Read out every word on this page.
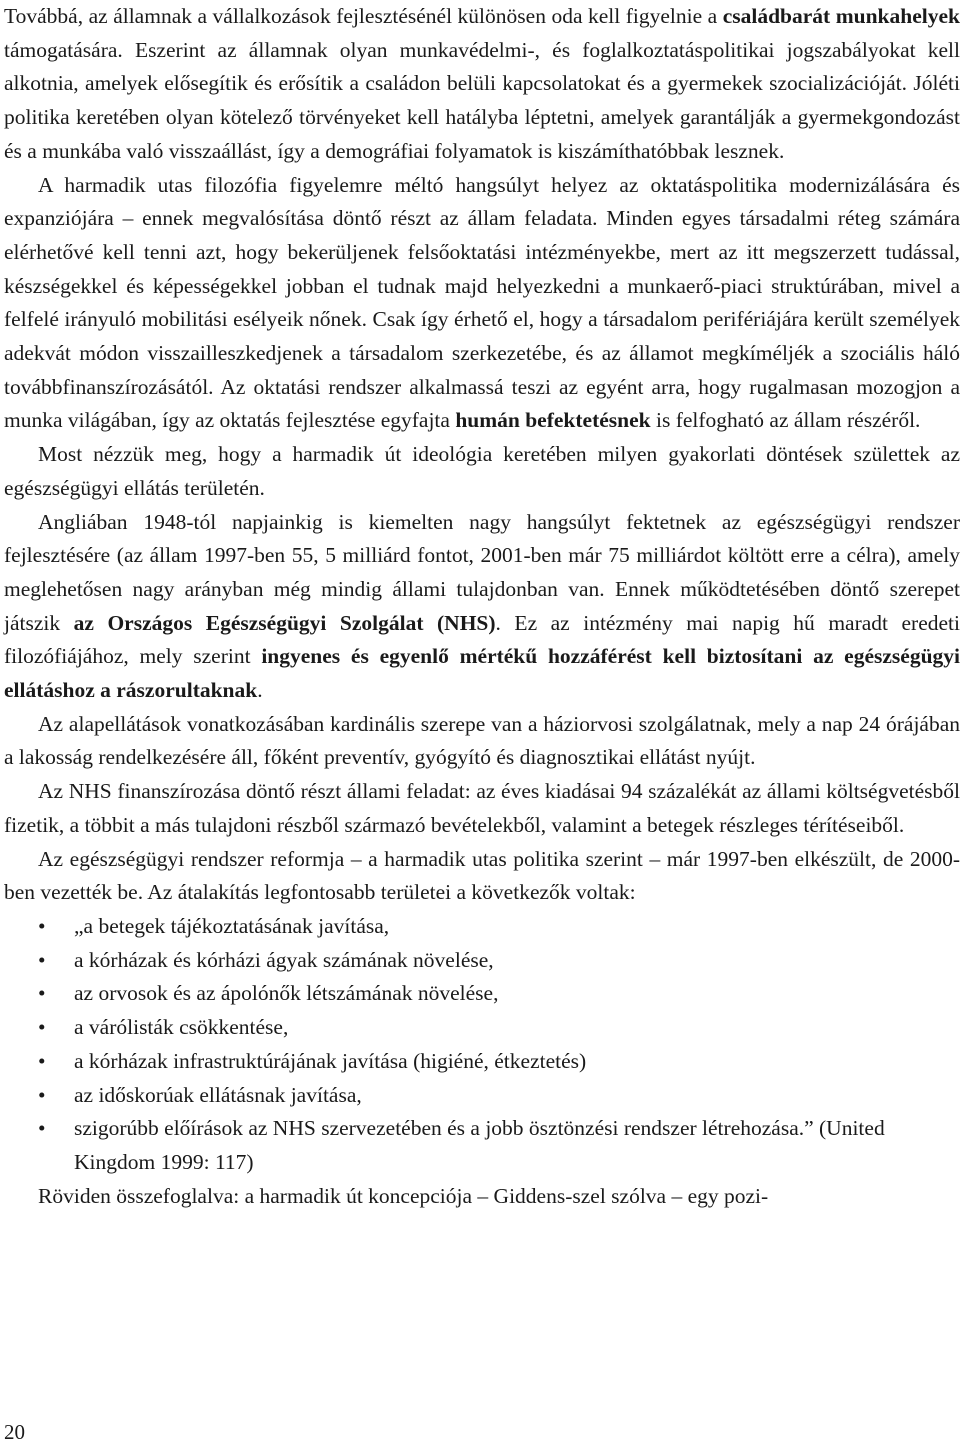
Továbbá, az államnak a vállalkozások fejlesztésénél különösen oda kell figyelnie a családbarát munkahelyek támogatására. Eszerint az államnak olyan munkavédelmi-, és foglalkoztatáspolitikai jogszabályokat kell alkotnia, amelyek elősegítik és erősítik a családon belüli kapcsolatokat és a gyermekek szocializációját. Jóléti politika keretében olyan kötelező törvényeket kell hatályba léptetni, amelyek garantálják a gyermekgondozást és a munkába való visszaállást, így a demográfiai folyamatok is kiszámíthatóbbak lesznek.

A harmadik utas filozófia figyelemre méltó hangsúlyt helyez az oktatáspolitika modernizálására és expanziójára – ennek megvalósítása döntő részt az állam feladata. Minden egyes társadalmi réteg számára elérhetővé kell tenni azt, hogy bekerüljenek felsőoktatási intézményekbe, mert az itt megszerzett tudással, készségekkel és képességekkel jobban el tudnak majd helyezkedni a munkaerő-piaci struktúrában, mivel a felfelé irányuló mobilitási esélyeik nőnek. Csak így érhető el, hogy a társadalom perifériájára került személyek adekvát módon visszailleszkedjenek a társadalom szerkezetébe, és az államot megkíméljék a szociális háló továbbfinanszírozásától. Az oktatási rendszer alkalmassá teszi az egyént arra, hogy rugalmasan mozogjon a munka világában, így az oktatás fejlesztése egyfajta humán befektetésnek is felfogható az állam részéről.

Most nézzük meg, hogy a harmadik út ideológia keretében milyen gyakorlati döntések születtek az egészségügyi ellátás területén.

Angliában 1948-tól napjainkig is kiemelten nagy hangsúlyt fektetnek az egészségügyi rendszer fejlesztésére (az állam 1997-ben 55, 5 milliárd fontot, 2001-ben már 75 milliárdot költött erre a célra), amely meglehetősen nagy arányban még mindig állami tulajdonban van. Ennek működtetésében döntő szerepet játszik az Országos Egészségügyi Szolgálat (NHS). Ez az intézmény mai napig hű maradt eredeti filozófiájához, mely szerint ingyenes és egyenlő mértékű hozzáférést kell biztosítani az egészségügyi ellátáshoz a rászorultaknak.

Az alapellátások vonatkozásában kardinális szerepe van a háziorvosi szolgálatnak, mely a nap 24 órájában a lakosság rendelkezésére áll, főként preventív, gyógyító és diagnosztikai ellátást nyújt.

Az NHS finanszírozása döntő részt állami feladat: az éves kiadásai 94 százalékát az állami költségvetésből fizetik, a többit a más tulajdoni részből származó bevételekből, valamint a betegek részleges térítéseiből.

Az egészségügyi rendszer reformja – a harmadik utas politika szerint – már 1997-ben elkészült, de 2000-ben vezették be. Az átalakítás legfontosabb területei a következők voltak:

• „a betegek tájékoztatásának javítása,
• a kórházak és kórházi ágyak számának növelése,
• az orvosok és az ápolónők létszámának növelése,
• a várólisták csökkentése,
• a kórházak infrastruktúrájának javítása (higiéné, étkeztetés)
• az időskorúak ellátásnak javítása,
• szigorúbb előírások az NHS szervezetében és a jobb ösztönzési rendszer létrehozása.” (United Kingdom 1999: 117)

Röviden összefoglalva: a harmadik út koncepciója – Giddens-szel szólva – egy pozi-

20
